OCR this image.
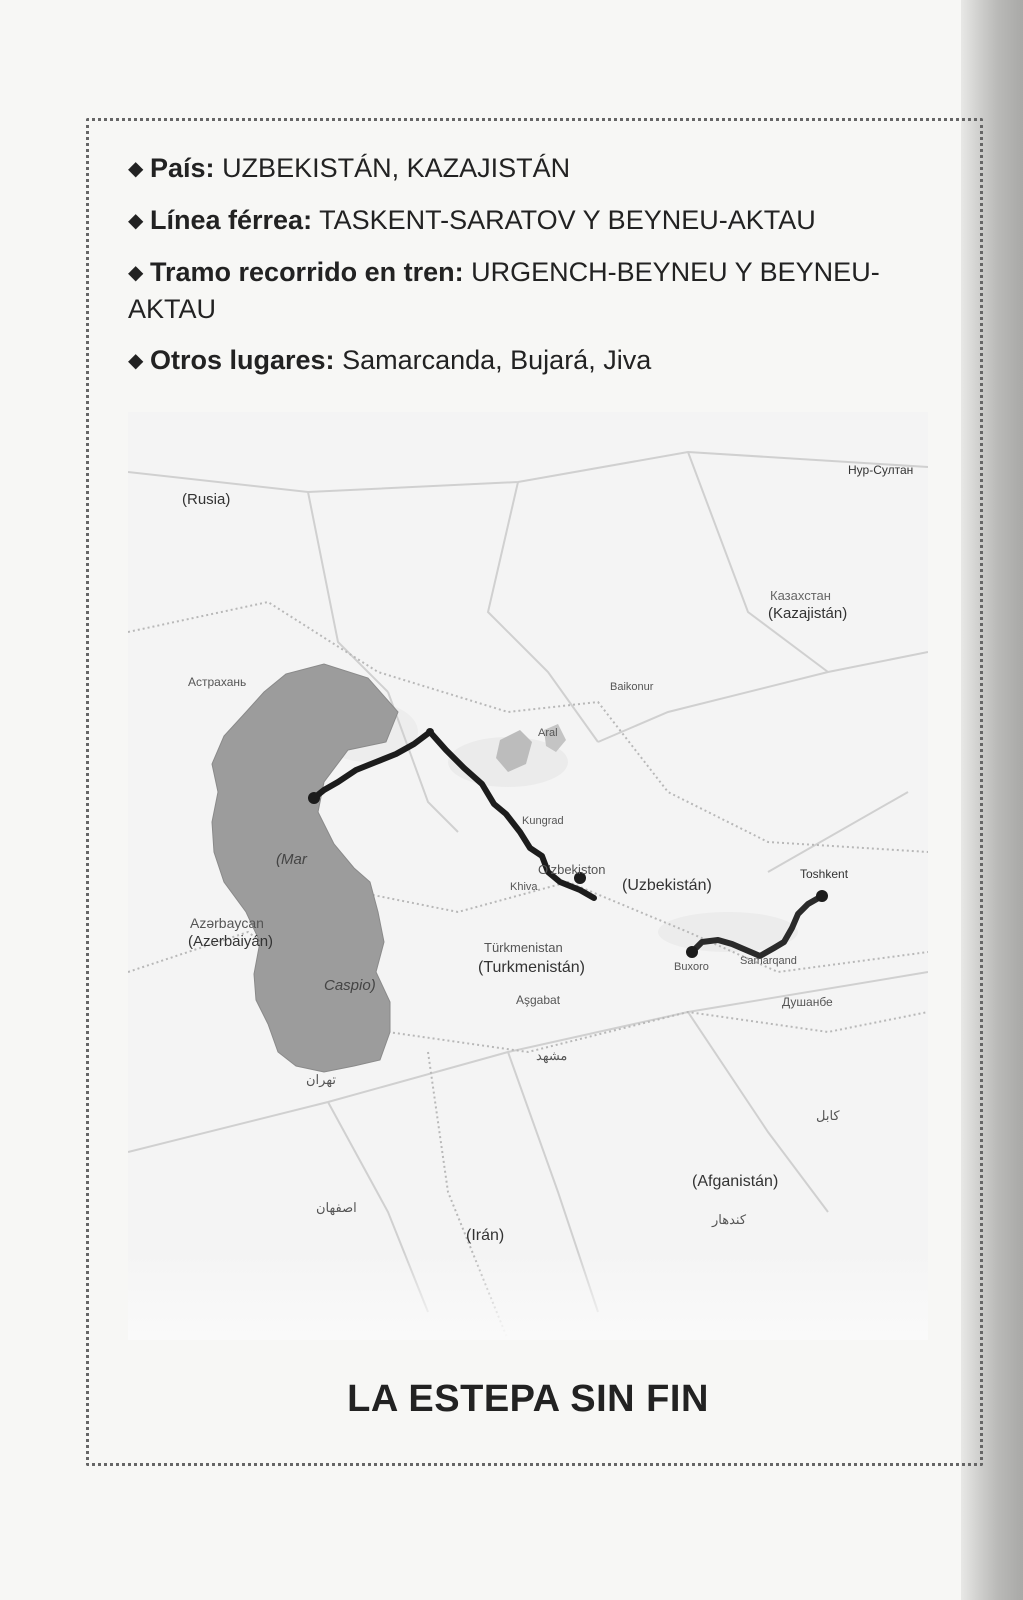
◆ País: UZBEKISTÁN, KAZAJISTÁN

◆ Línea férrea: TASKENT-SARATOV Y BEYNEU-AKTAU

◆ Tramo recorrido en tren: URGENCH-BEYNEU Y BEYNEU-AKTAU

◆ Otros lugares: Samarcanda, Bujará, Jiva

(Rusia)
Казахстан
(Kazajistán)
Астрахань	Baikonur
Aral
(Mar
Caspio)
Azərbaycan
(Azerbaiyán)
O'zbekiston
(Uzbekistán)
Türkmenistan
(Turkmenistán)
Aşgabat
Kungrad
Khiva
Toshkent
Samarqand
Buxoro
Нур-Султан
Душанбе
(Afganistán)
(Irán)
تهران
مشهد
اصفهان
کابل
کندهار
LA ESTEPA SIN FIN
